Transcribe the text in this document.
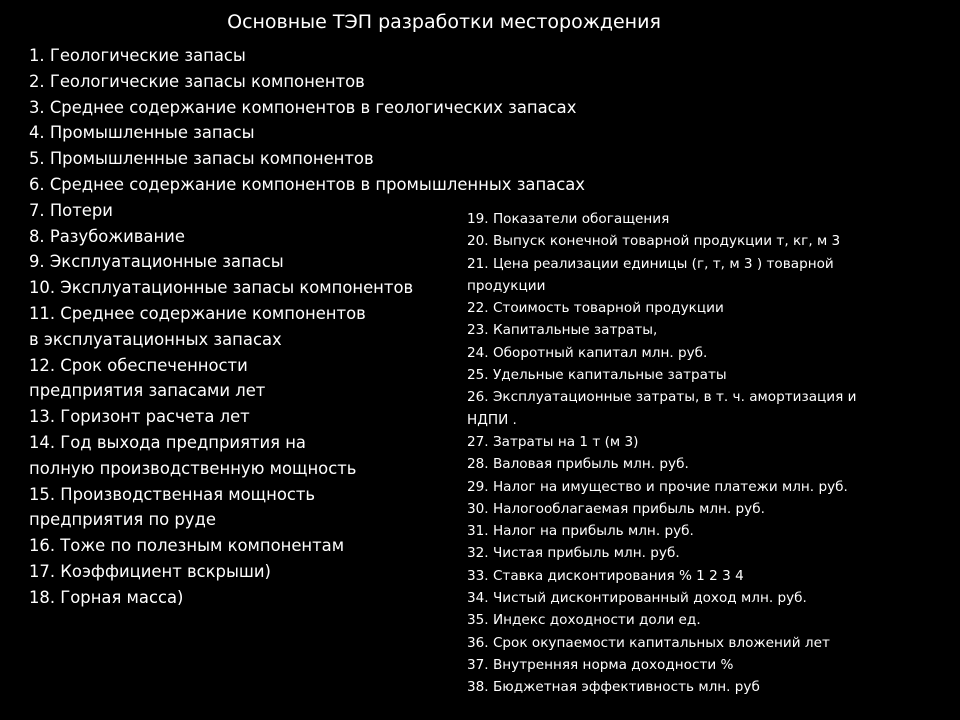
Основные ТЭП разработки месторождения
1. Геологические запасы
2. Геологические запасы компонентов
3. Среднее содержание компонентов в геологических запасах
4. Промышленные запасы
5. Промышленные запасы компонентов
6. Среднее содержание компонентов в промышленных запасах
7. Потери
8. Разубоживание
9. Эксплуатационные запасы
10. Эксплуатационные запасы компонентов
11. Среднее содержание компонентов
в эксплуатационных запасах
12. Срок обеспеченности
предприятия запасами лет
13. Горизонт расчета лет
14. Год выхода предприятия на
полную производственную мощность
15. Производственная мощность
предприятия по руде
16. Тоже по полезным компонентам
17. Коэффициент вскрыши)
18. Горная масса)
19. Показатели обогащения
20. Выпуск конечной товарной продукции т, кг, м 3
21. Цена реализации единицы (г, т, м 3 ) товарной
продукции
22. Стоимость товарной продукции
23. Капитальные затраты,
24. Оборотный капитал млн. руб.
25. Удельные капитальные затраты
26. Эксплуатационные затраты, в т. ч. амортизация и
НДПИ .
27. Затраты на 1 т (м 3)
28. Валовая прибыль млн. руб.
29. Налог на имущество и прочие платежи млн. руб.
30. Налогооблагаемая прибыль млн. руб.
31. Налог на прибыль млн. руб.
32. Чистая прибыль млн. руб.
33. Ставка дисконтирования % 1 2 3 4
34. Чистый дисконтированный доход млн. руб.
35. Индекс доходности доли ед.
36. Срок окупаемости капитальных вложений лет
37. Внутренняя норма доходности %
38. Бюджетная эффективность млн. руб
